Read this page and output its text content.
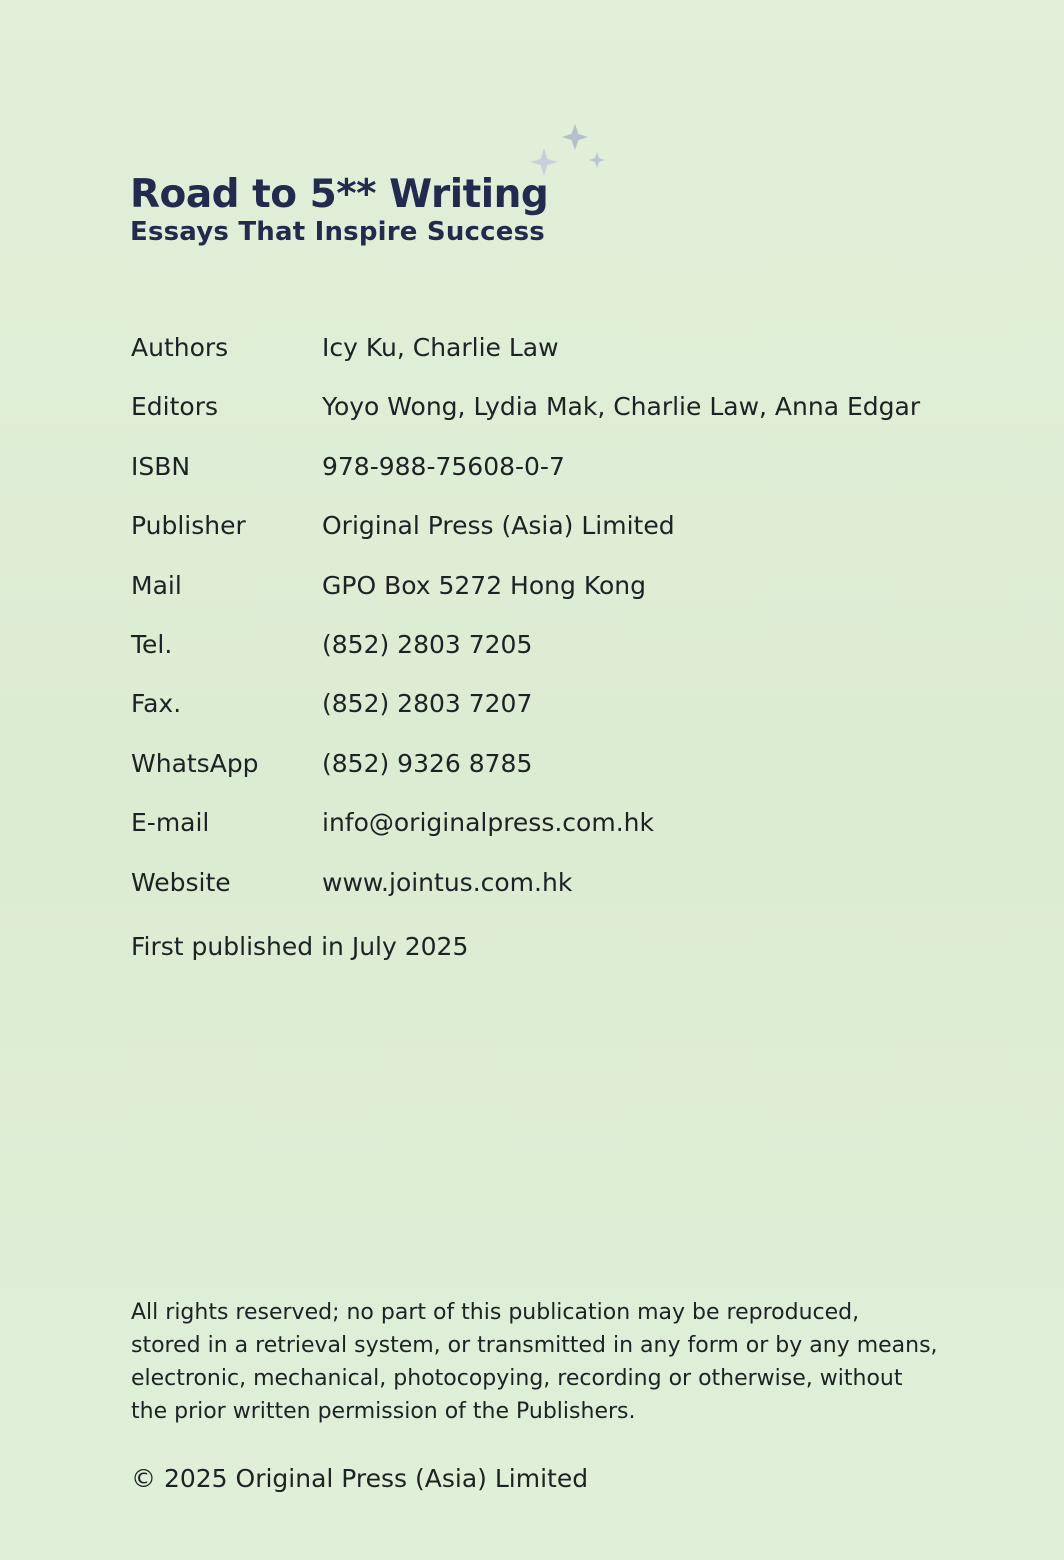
Road to 5** Writing
Essays That Inspire Success
Authors	Icy Ku, Charlie Law
Editors	Yoyo Wong, Lydia Mak, Charlie Law, Anna Edgar
ISBN	978-988-75608-0-7
Publisher	Original Press (Asia) Limited
Mail	GPO Box 5272 Hong Kong
Tel.	(852) 2803 7205
Fax.	(852) 2803 7207
WhatsApp	(852) 9326 8785
E-mail	info@originalpress.com.hk
Website	www.jointus.com.hk
First published in July 2025
All rights reserved; no part of this publication may be reproduced,
stored in a retrieval system, or transmitted in any form or by any means,
electronic, mechanical, photocopying, recording or otherwise, without
the prior written permission of the Publishers.
© 2025 Original Press (Asia) Limited
